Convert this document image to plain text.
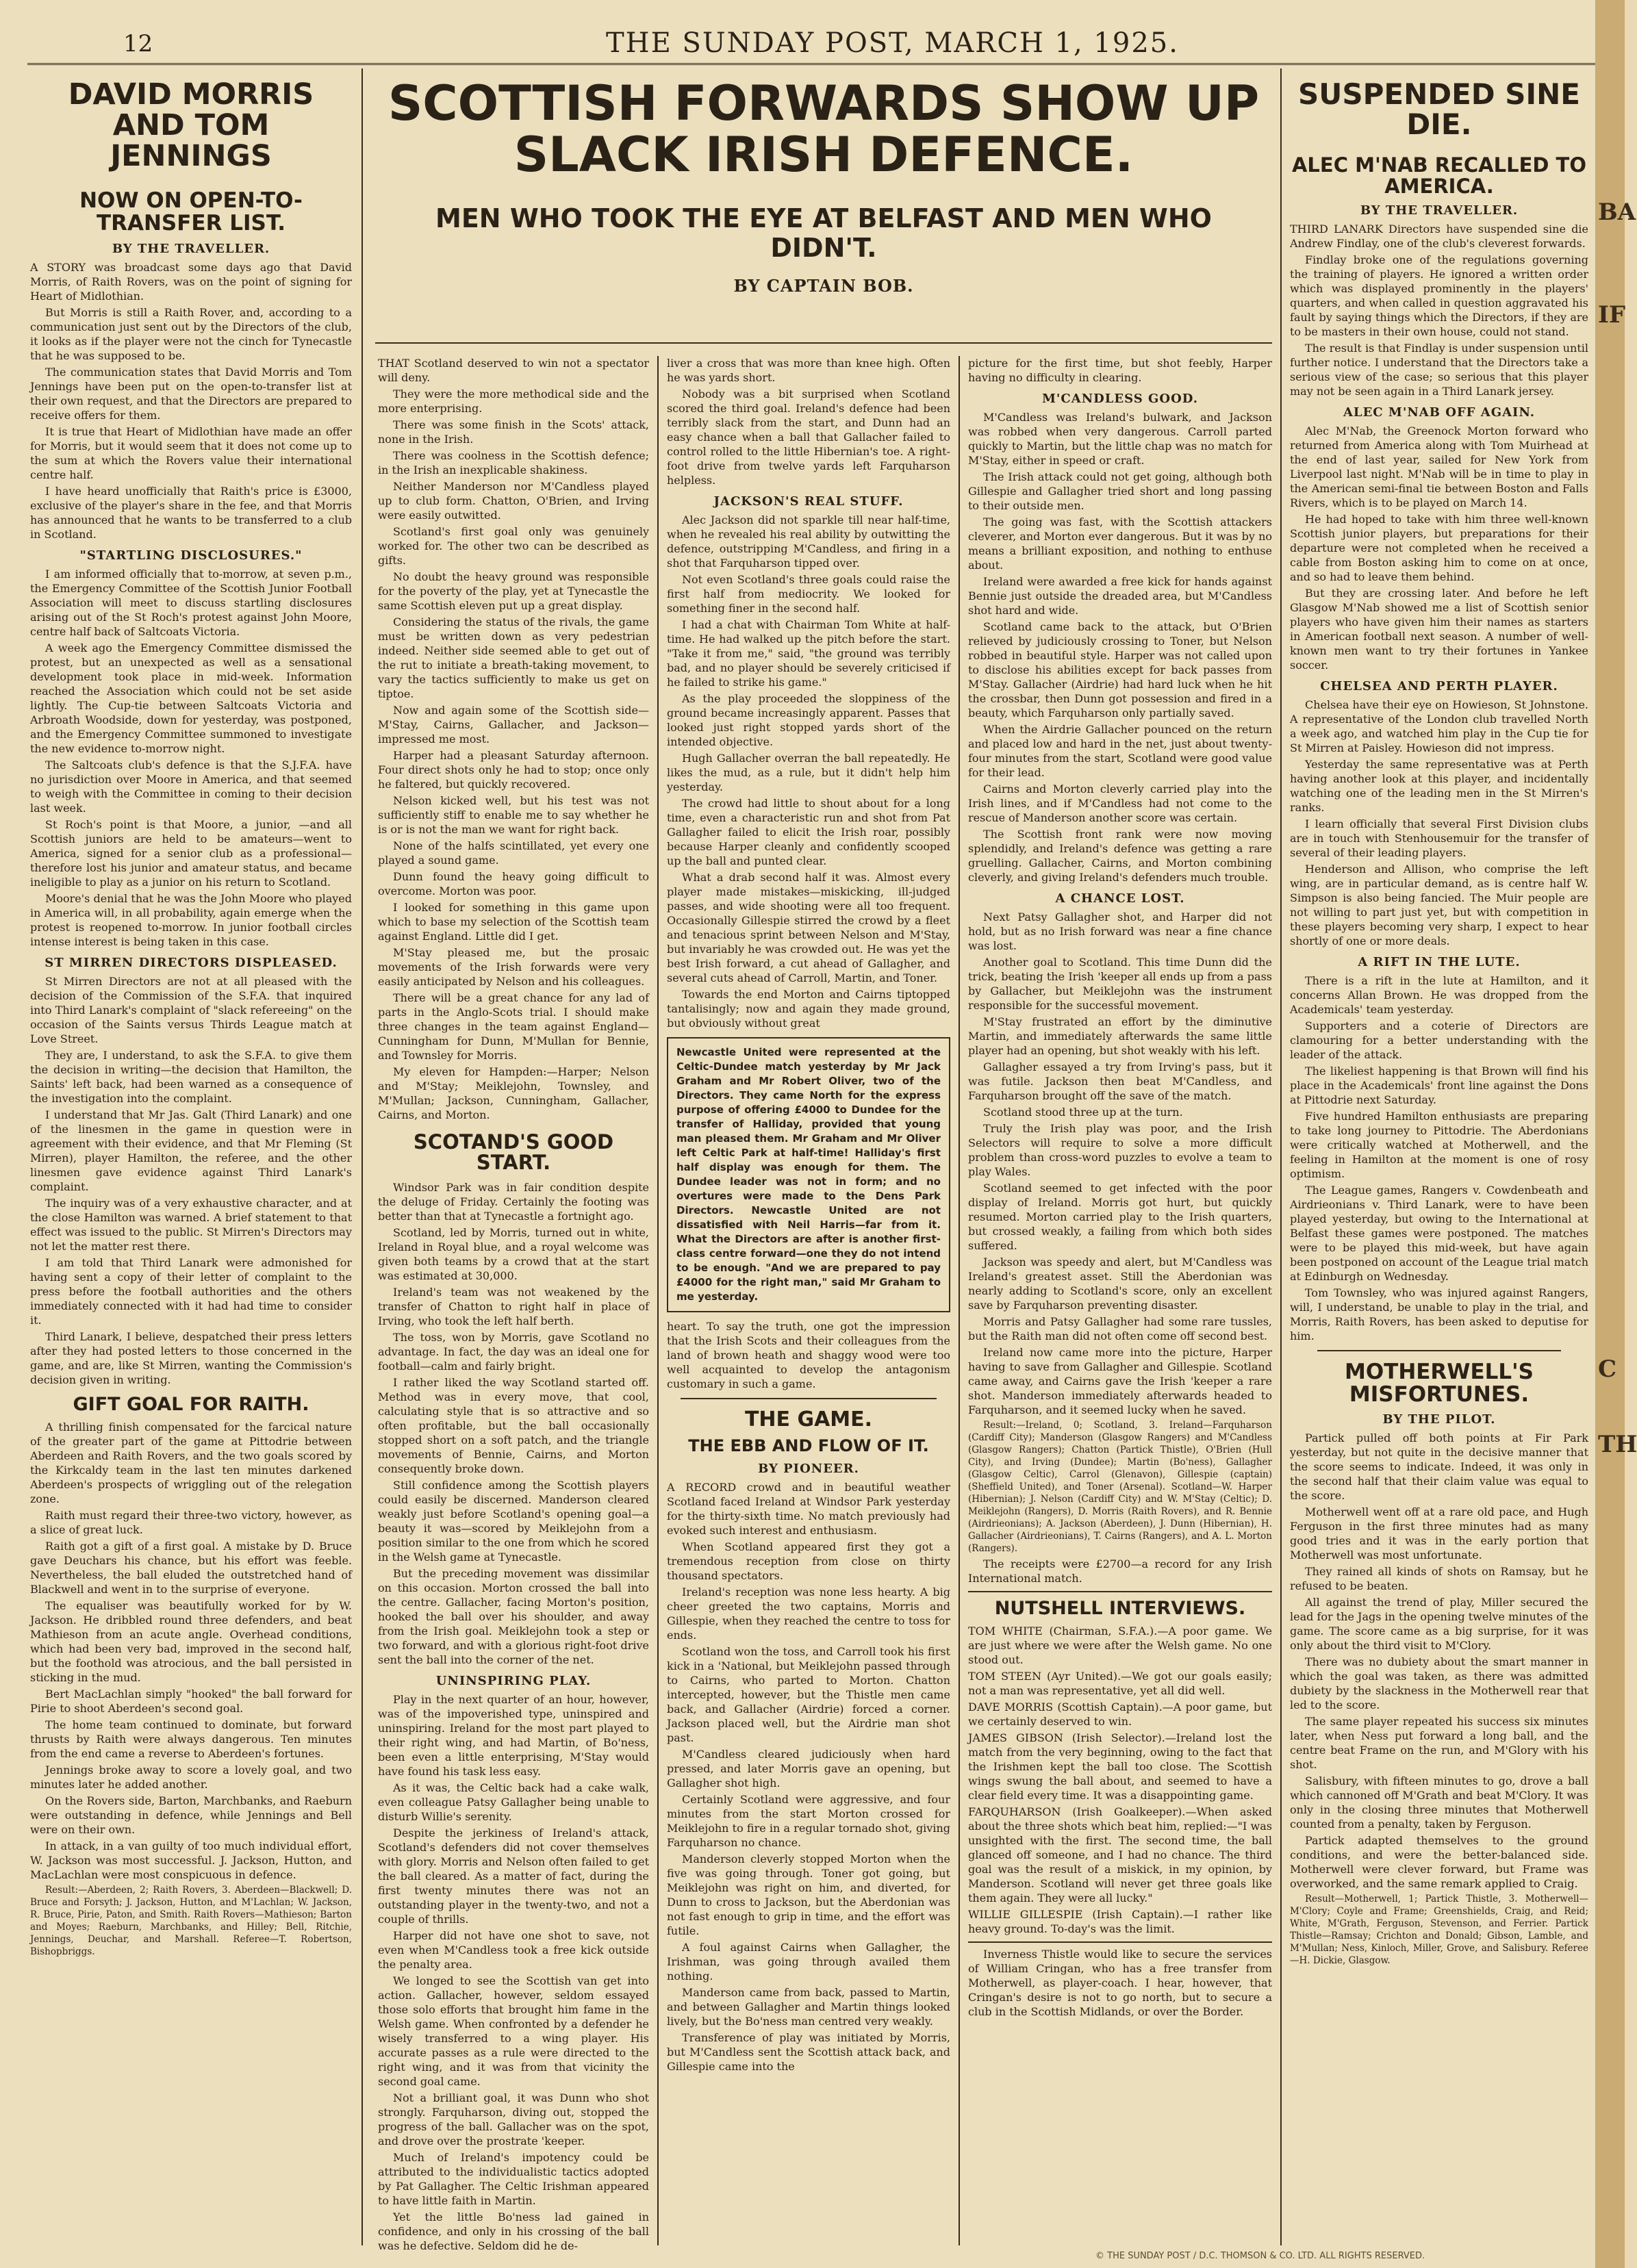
12	THE SUNDAY POST, MARCH 1, 1925.
DAVID MORRIS AND TOM JENNINGS
NOW ON OPEN-TO-TRANSFER LIST.
BY THE TRAVELLER.

A STORY was broadcast some days ago that David Morris, of Raith Rovers, was on the point of signing for Heart of Midlothian.

But Morris is still a Raith Rover, and, according to a communication just sent out by the Directors of the club, it looks as if the player were not the cinch for Tynecastle that he was supposed to be.

The communication states that David Morris and Tom Jennings have been put on the open-to-transfer list at their own request, and that the Directors are prepared to receive offers for them.

It is true that Heart of Midlothian have made an offer for Morris, but it would seem that it does not come up to the sum at which the Rovers value their international centre half.

I have heard unofficially that Raith's price is £3000, exclusive of the player's share in the fee, and that Morris has announced that he wants to be transferred to a club in Scotland.

"STARTLING DISCLOSURES."

I am informed officially that to-morrow, at seven p.m., the Emergency Committee of the Scottish Junior Football Association will meet to discuss startling disclosures arising out of the St Roch's protest against John Moore, centre half back of Saltcoats Victoria.

A week ago the Emergency Committee dismissed the protest, but an unexpected as well as a sensational development took place in mid-week. Information reached the Association which could not be set aside lightly. The Cup-tie between Saltcoats Victoria and Arbroath Woodside, down for yesterday, was postponed, and the Emergency Committee summoned to investigate the new evidence to-morrow night.

The Saltcoats club's defence is that the S.J.F.A. have no jurisdiction over Moore in America, and that seemed to weigh with the Committee in coming to their decision last week.

St Roch's point is that Moore, a junior, —and all Scottish juniors are held to be amateurs—went to America, signed for a senior club as a professional—therefore lost his junior and amateur status, and became ineligible to play as a junior on his return to Scotland.

Moore's denial that he was the John Moore who played in America will, in all probability, again emerge when the protest is reopened to-morrow. In junior football circles intense interest is being taken in this case.

ST MIRREN DIRECTORS DISPLEASED.

St Mirren Directors are not at all pleased with the decision of the Commission of the S.F.A. that inquired into Third Lanark's complaint of "slack refereeing" on the occasion of the Saints versus Thirds League match at Love Street.

They are, I understand, to ask the S.F.A. to give them the decision in writing—the decision that Hamilton, the Saints' left back, had been warned as a consequence of the investigation into the complaint.

I understand that Mr Jas. Galt (Third Lanark) and one of the linesmen in the game in question were in agreement with their evidence, and that Mr Fleming (St Mirren), player Hamilton, the referee, and the other linesmen gave evidence against Third Lanark's complaint.

The inquiry was of a very exhaustive character, and at the close Hamilton was warned. A brief statement to that effect was issued to the public. St Mirren's Directors may not let the matter rest there.

I am told that Third Lanark were admonished for having sent a copy of their letter of complaint to the press before the football authorities and the others immediately connected with it had had time to consider it.

Third Lanark, I believe, despatched their press letters after they had posted letters to those concerned in the game, and are, like St Mirren, wanting the Commission's decision given in writing.

GIFT GOAL FOR RAITH.

A thrilling finish compensated for the farcical nature of the greater part of the game at Pittodrie between Aberdeen and Raith Rovers, and the two goals scored by the Kirkcaldy team in the last ten minutes darkened Aberdeen's prospects of wriggling out of the relegation zone.

Raith must regard their three-two victory, however, as a slice of great luck.

Raith got a gift of a first goal. A mistake by D. Bruce gave Deuchars his chance, but his effort was feeble. Nevertheless, the ball eluded the outstretched hand of Blackwell and went in to the surprise of everyone.

The equaliser was beautifully worked for by W. Jackson. He dribbled round three defenders, and beat Mathieson from an acute angle. Overhead conditions, which had been very bad, improved in the second half, but the foothold was atrocious, and the ball persisted in sticking in the mud.

Bert MacLachlan simply "hooked" the ball forward for Pirie to shoot Aberdeen's second goal.

The home team continued to dominate, but forward thrusts by Raith were always dangerous. Ten minutes from the end came a reverse to Aberdeen's fortunes.

Jennings broke away to score a lovely goal, and two minutes later he added another.

On the Rovers side, Barton, Marchbanks, and Raeburn were outstanding in defence, while Jennings and Bell were on their own.

In attack, in a van guilty of too much individual effort, W. Jackson was most successful. J. Jackson, Hutton, and MacLachlan were most conspicuous in defence.

Result:—Aberdeen, 2; Raith Rovers, 3. Aberdeen—Blackwell; D. Bruce and Forsyth; J. Jackson, Hutton, and M'Lachlan; W. Jackson, R. Bruce, Pirie, Paton, and Smith. Raith Rovers—Mathieson; Barton and Moyes; Raeburn, Marchbanks, and Hilley; Bell, Ritchie, Jennings, Deuchar, and Marshall. Referee—T. Robertson, Bishopbriggs.

SCOTTISH FORWARDS SHOW UP SLACK IRISH DEFENCE.
MEN WHO TOOK THE EYE AT BELFAST AND MEN WHO DIDN'T.
BY CAPTAIN BOB.

THAT Scotland deserved to win not a spectator will deny.

They were the more methodical side and the more enterprising.

There was some finish in the Scots' attack, none in the Irish.

There was coolness in the Scottish defence; in the Irish an inexplicable shakiness.

Neither Manderson nor M'Candless played up to club form. Chatton, O'Brien, and Irving were easily outwitted.

Scotland's first goal only was genuinely worked for. The other two can be described as gifts.

No doubt the heavy ground was responsible for the poverty of the play, yet at Tynecastle the same Scottish eleven put up a great display.

Considering the status of the rivals, the game must be written down as very pedestrian indeed. Neither side seemed able to get out of the rut to initiate a breath-taking movement, to vary the tactics sufficiently to make us get on tiptoe.

Now and again some of the Scottish side—M'Stay, Cairns, Gallacher, and Jackson—impressed me most.

Harper had a pleasant Saturday afternoon. Four direct shots only he had to stop; once only he faltered, but quickly recovered.

Nelson kicked well, but his test was not sufficiently stiff to enable me to say whether he is or is not the man we want for right back.

None of the halfs scintillated, yet every one played a sound game.

Dunn found the heavy going difficult to overcome. Morton was poor.

I looked for something in this game upon which to base my selection of the Scottish team against England. Little did I get.

M'Stay pleased me, but the prosaic movements of the Irish forwards were very easily anticipated by Nelson and his colleagues.

There will be a great chance for any lad of parts in the Anglo-Scots trial. I should make three changes in the team against England—Cunningham for Dunn, M'Mullan for Bennie, and Townsley for Morris.

My eleven for Hampden:—Harper; Nelson and M'Stay; Meiklejohn, Townsley, and M'Mullan; Jackson, Cunningham, Gallacher, Cairns, and Morton.

SCOTAND'S GOOD START.

Windsor Park was in fair condition despite the deluge of Friday. Certainly the footing was better than that at Tynecastle a fortnight ago.

Scotland, led by Morris, turned out in white, Ireland in Royal blue, and a royal welcome was given both teams by a crowd that at the start was estimated at 30,000.

Ireland's team was not weakened by the transfer of Chatton to right half in place of Irving, who took the left half berth.

The toss, won by Morris, gave Scotland no advantage. In fact, the day was an ideal one for football—calm and fairly bright.

I rather liked the way Scotland started off. Method was in every move, that cool, calculating style that is so attractive and so often profitable, but the ball occasionally stopped short on a soft patch, and the triangle movements of Bennie, Cairns, and Morton consequently broke down.

Still confidence among the Scottish players could easily be discerned. Manderson cleared weakly just before Scotland's opening goal—a beauty it was—scored by Meiklejohn from a position similar to the one from which he scored in the Welsh game at Tynecastle.

But the preceding movement was dissimilar on this occasion. Morton crossed the ball into the centre. Gallacher, facing Morton's position, hooked the ball over his shoulder, and away from the Irish goal. Meiklejohn took a step or two forward, and with a glorious right-foot drive sent the ball into the corner of the net.

UNINSPIRING PLAY.

Play in the next quarter of an hour, however, was of the impoverished type, uninspired and uninspiring. Ireland for the most part played to their right wing, and had Martin, of Bo'ness, been even a little enterprising, M'Stay would have found his task less easy.

As it was, the Celtic back had a cake walk, even colleague Patsy Gallagher being unable to disturb Willie's serenity.

Despite the jerkiness of Ireland's attack, Scotland's defenders did not cover themselves with glory. Morris and Nelson often failed to get the ball cleared. As a matter of fact, during the first twenty minutes there was not an outstanding player in the twenty-two, and not a couple of thrills.

Harper did not have one shot to save, not even when M'Candless took a free kick outside the penalty area.

We longed to see the Scottish van get into action. Gallacher, however, seldom essayed those solo efforts that brought him fame in the Welsh game. When confronted by a defender he wisely transferred to a wing player. His accurate passes as a rule were directed to the right wing, and it was from that vicinity the second goal came.

Not a brilliant goal, it was Dunn who shot strongly. Farquharson, diving out, stopped the progress of the ball. Gallacher was on the spot, and drove over the prostrate 'keeper.

Much of Ireland's impotency could be attributed to the individualistic tactics adopted by Pat Gallagher. The Celtic Irishman appeared to have little faith in Martin.

Yet the little Bo'ness lad gained in confidence, and only in his crossing of the ball was he defective. Seldom did he de-

liver a cross that was more than knee high. Often he was yards short.

Nobody was a bit surprised when Scotland scored the third goal. Ireland's defence had been terribly slack from the start, and Dunn had an easy chance when a ball that Gallacher failed to control rolled to the little Hibernian's toe. A right-foot drive from twelve yards left Farquharson helpless.

JACKSON'S REAL STUFF.

Alec Jackson did not sparkle till near half-time, when he revealed his real ability by outwitting the defence, outstripping M'Candless, and firing in a shot that Farquharson tipped over.

Not even Scotland's three goals could raise the first half from mediocrity. We looked for something finer in the second half.

I had a chat with Chairman Tom White at half-time. He had walked up the pitch before the start. "Take it from me," said, "the ground was terribly bad, and no player should be severely criticised if he failed to strike his game."

As the play proceeded the sloppiness of the ground became increasingly apparent. Passes that looked just right stopped yards short of the intended objective.

Hugh Gallacher overran the ball repeatedly. He likes the mud, as a rule, but it didn't help him yesterday.

The crowd had little to shout about for a long time, even a characteristic run and shot from Pat Gallagher failed to elicit the Irish roar, possibly because Harper cleanly and confidently scooped up the ball and punted clear.

What a drab second half it was. Almost every player made mistakes—miskicking, ill-judged passes, and wide shooting were all too frequent. Occasionally Gillespie stirred the crowd by a fleet and tenacious sprint between Nelson and M'Stay, but invariably he was crowded out. He was yet the best Irish forward, a cut ahead of Gallagher, and several cuts ahead of Carroll, Martin, and Toner.

Towards the end Morton and Cairns tiptopped tantalisingly; now and again they made ground, but obviously without great

Newcastle United were represented at the Celtic-Dundee match yesterday by Mr Jack Graham and Mr Robert Oliver, two of the Directors. They came North for the express purpose of offering £4000 to Dundee for the transfer of Halliday, provided that young man pleased them. Mr Graham and Mr Oliver left Celtic Park at half-time! Halliday's first half display was enough for them. The Dundee leader was not in form; and no overtures were made to the Dens Park Directors. Newcastle United are not dissatisfied with Neil Harris—far from it. What the Directors are after is another first-class centre forward—one they do not intend to be enough. "And we are prepared to pay £4000 for the right man," said Mr Graham to me yesterday.

heart. To say the truth, one got the impression that the Irish Scots and their colleagues from the land of brown heath and shaggy wood were too well acquainted to develop the antagonism customary in such a game.

THE GAME.
THE EBB AND FLOW OF IT.
BY PIONEER.

A RECORD crowd and in beautiful weather Scotland faced Ireland at Windsor Park yesterday for the thirty-sixth time. No match previously had evoked such interest and enthusiasm.

When Scotland appeared first they got a tremendous reception from close on thirty thousand spectators.

Ireland's reception was none less hearty. A big cheer greeted the two captains, Morris and Gillespie, when they reached the centre to toss for ends.

Scotland won the toss, and Carroll took his first kick in a 'National, but Meiklejohn passed through to Cairns, who parted to Morton. Chatton intercepted, however, but the Thistle men came back, and Gallacher (Airdrie) forced a corner. Jackson placed well, but the Airdrie man shot past.

M'Candless cleared judiciously when hard pressed, and later Morris gave an opening, but Gallagher shot high.

Certainly Scotland were aggressive, and four minutes from the start Morton crossed for Meiklejohn to fire in a regular tornado shot, giving Farquharson no chance.

Manderson cleverly stopped Morton when the five was going through. Toner got going, but Meiklejohn was right on him, and diverted, for Dunn to cross to Jackson, but the Aberdonian was not fast enough to grip in time, and the effort was futile.

A foul against Cairns when Gallagher, the Irishman, was going through availed them nothing.

Manderson came from back, passed to Martin, and between Gallagher and Martin things looked lively, but the Bo'ness man centred very weakly.

Transference of play was initiated by Morris, but M'Candless sent the Scottish attack back, and Gillespie came into the

picture for the first time, but shot feebly, Harper having no difficulty in clearing.

M'CANDLESS GOOD.

M'Candless was Ireland's bulwark, and Jackson was robbed when very dangerous. Carroll parted quickly to Martin, but the little chap was no match for M'Stay, either in speed or craft.

The Irish attack could not get going, although both Gillespie and Gallagher tried short and long passing to their outside men.

The going was fast, with the Scottish attackers cleverer, and Morton ever dangerous. But it was by no means a brilliant exposition, and nothing to enthuse about.

Ireland were awarded a free kick for hands against Bennie just outside the dreaded area, but M'Candless shot hard and wide.

Scotland came back to the attack, but O'Brien relieved by judiciously crossing to Toner, but Nelson robbed in beautiful style. Harper was not called upon to disclose his abilities except for back passes from M'Stay. Gallacher (Airdrie) had hard luck when he hit the crossbar, then Dunn got possession and fired in a beauty, which Farquharson only partially saved.

When the Airdrie Gallacher pounced on the return and placed low and hard in the net, just about twenty-four minutes from the start, Scotland were good value for their lead.

Cairns and Morton cleverly carried play into the Irish lines, and if M'Candless had not come to the rescue of Manderson another score was certain.

The Scottish front rank were now moving splendidly, and Ireland's defence was getting a rare gruelling. Gallacher, Cairns, and Morton combining cleverly, and giving Ireland's defenders much trouble.

A CHANCE LOST.

Next Patsy Gallagher shot, and Harper did not hold, but as no Irish forward was near a fine chance was lost.

Another goal to Scotland. This time Dunn did the trick, beating the Irish 'keeper all ends up from a pass by Gallacher, but Meiklejohn was the instrument responsible for the successful movement.

M'Stay frustrated an effort by the diminutive Martin, and immediately afterwards the same little player had an opening, but shot weakly with his left.

Gallagher essayed a try from Irving's pass, but it was futile. Jackson then beat M'Candless, and Farquharson brought off the save of the match.

Scotland stood three up at the turn.

Truly the Irish play was poor, and the Irish Selectors will require to solve a more difficult problem than cross-word puzzles to evolve a team to play Wales.

Scotland seemed to get infected with the poor display of Ireland. Morris got hurt, but quickly resumed. Morton carried play to the Irish quarters, but crossed weakly, a failing from which both sides suffered.

Jackson was speedy and alert, but M'Candless was Ireland's greatest asset. Still the Aberdonian was nearly adding to Scotland's score, only an excellent save by Farquharson preventing disaster.

Morris and Patsy Gallagher had some rare tussles, but the Raith man did not often come off second best.

Ireland now came more into the picture, Harper having to save from Gallagher and Gillespie. Scotland came away, and Cairns gave the Irish 'keeper a rare shot. Manderson immediately afterwards headed to Farquharson, and it seemed lucky when he saved.

Result:—Ireland, 0; Scotland, 3. Ireland—Farquharson (Cardiff City); Manderson (Glasgow Rangers) and M'Candless (Glasgow Rangers); Chatton (Partick Thistle), O'Brien (Hull City), and Irving (Dundee); Martin (Bo'ness), Gallagher (Glasgow Celtic), Carrol (Glenavon), Gillespie (captain) (Sheffield United), and Toner (Arsenal). Scotland—W. Harper (Hibernian); J. Nelson (Cardiff City) and W. M'Stay (Celtic); D. Meiklejohn (Rangers), D. Morris (Raith Rovers), and R. Bennie (Airdrieonians); A. Jackson (Aberdeen), J. Dunn (Hibernian), H. Gallacher (Airdrieonians), T. Cairns (Rangers), and A. L. Morton (Rangers).

The receipts were £2700—a record for any Irish International match.

NUTSHELL INTERVIEWS.

TOM WHITE (Chairman, S.F.A.).—A poor game. We are just where we were after the Welsh game. No one stood out.

TOM STEEN (Ayr United).—We got our goals easily; not a man was representative, yet all did well.

DAVE MORRIS (Scottish Captain).—A poor game, but we certainly deserved to win.

JAMES GIBSON (Irish Selector).—Ireland lost the match from the very beginning, owing to the fact that the Irishmen kept the ball too close. The Scottish wings swung the ball about, and seemed to have a clear field every time. It was a disappointing game.

FARQUHARSON (Irish Goalkeeper).—When asked about the three shots which beat him, replied:—"I was unsighted with the first. The second time, the ball glanced off someone, and I had no chance. The third goal was the result of a miskick, in my opinion, by Manderson. Scotland will never get three goals like them again. They were all lucky."

WILLIE GILLESPIE (Irish Captain).—I rather like heavy ground. To-day's was the limit.

Inverness Thistle would like to secure the services of William Cringan, who has a free transfer from Motherwell, as player-coach. I hear, however, that Cringan's desire is not to go north, but to secure a club in the Scottish Midlands, or over the Border.

SUSPENDED SINE DIE.
ALEC M'NAB RECALLED TO AMERICA.
BY THE TRAVELLER.

THIRD LANARK Directors have suspended sine die Andrew Findlay, one of the club's cleverest forwards.

Findlay broke one of the regulations governing the training of players. He ignored a written order which was displayed prominently in the players' quarters, and when called in question aggravated his fault by saying things which the Directors, if they are to be masters in their own house, could not stand.

The result is that Findlay is under suspension until further notice. I understand that the Directors take a serious view of the case; so serious that this player may not be seen again in a Third Lanark jersey.

ALEC M'NAB OFF AGAIN.

Alec M'Nab, the Greenock Morton forward who returned from America along with Tom Muirhead at the end of last year, sailed for New York from Liverpool last night. M'Nab will be in time to play in the American semi-final tie between Boston and Falls Rivers, which is to be played on March 14.

He had hoped to take with him three well-known Scottish junior players, but preparations for their departure were not completed when he received a cable from Boston asking him to come on at once, and so had to leave them behind.

But they are crossing later. And before he left Glasgow M'Nab showed me a list of Scottish senior players who have given him their names as starters in American football next season. A number of well-known men want to try their fortunes in Yankee soccer.

CHELSEA AND PERTH PLAYER.

Chelsea have their eye on Howieson, St Johnstone. A representative of the London club travelled North a week ago, and watched him play in the Cup tie for St Mirren at Paisley. Howieson did not impress.

Yesterday the same representative was at Perth having another look at this player, and incidentally watching one of the leading men in the St Mirren's ranks.

I learn officially that several First Division clubs are in touch with Stenhousemuir for the transfer of several of their leading players.

Henderson and Allison, who comprise the left wing, are in particular demand, as is centre half W. Simpson is also being fancied. The Muir people are not willing to part just yet, but with competition in these players becoming very sharp, I expect to hear shortly of one or more deals.

A RIFT IN THE LUTE.

There is a rift in the lute at Hamilton, and it concerns Allan Brown. He was dropped from the Academicals' team yesterday.

Supporters and a coterie of Directors are clamouring for a better understanding with the leader of the attack.

The likeliest happening is that Brown will find his place in the Academicals' front line against the Dons at Pittodrie next Saturday.

Five hundred Hamilton enthusiasts are preparing to take long journey to Pittodrie. The Aberdonians were critically watched at Motherwell, and the feeling in Hamilton at the moment is one of rosy optimism.

The League games, Rangers v. Cowdenbeath and Airdrieonians v. Third Lanark, were to have been played yesterday, but owing to the International at Belfast these games were postponed. The matches were to be played this mid-week, but have again been postponed on account of the League trial match at Edinburgh on Wednesday.

Tom Townsley, who was injured against Rangers, will, I understand, be unable to play in the trial, and Morris, Raith Rovers, has been asked to deputise for him.

MOTHERWELL'S MISFORTUNES.
BY THE PILOT.

Partick pulled off both points at Fir Park yesterday, but not quite in the decisive manner that the score seems to indicate. Indeed, it was only in the second half that their claim value was equal to the score.

Motherwell went off at a rare old pace, and Hugh Ferguson in the first three minutes had as many good tries and it was in the early portion that Motherwell was most unfortunate.

They rained all kinds of shots on Ramsay, but he refused to be beaten.

All against the trend of play, Miller secured the lead for the Jags in the opening twelve minutes of the game. The score came as a big surprise, for it was only about the third visit to M'Clory.

There was no dubiety about the smart manner in which the goal was taken, as there was admitted dubiety by the slackness in the Motherwell rear that led to the score.

The same player repeated his success six minutes later, when Ness put forward a long ball, and the centre beat Frame on the run, and M'Glory with his shot.

Salisbury, with fifteen minutes to go, drove a ball which cannoned off M'Grath and beat M'Clory. It was only in the closing three minutes that Motherwell counted from a penalty, taken by Ferguson.

Partick adapted themselves to the ground conditions, and were the better-balanced side. Motherwell were clever forward, but Frame was overworked, and the same remark applied to Craig.

Result—Motherwell, 1; Partick Thistle, 3. Motherwell—M'Clory; Coyle and Frame; Greenshields, Craig, and Reid; White, M'Grath, Ferguson, Stevenson, and Ferrier. Partick Thistle—Ramsay; Crichton and Donald; Gibson, Lamble, and M'Mullan; Ness, Kinloch, Miller, Grove, and Salisbury. Referee—H. Dickie, Glasgow.

© THE SUNDAY POST / D.C. THOMSON & CO. LTD. ALL RIGHTS RESERVED.
BA
IF
C
TH
